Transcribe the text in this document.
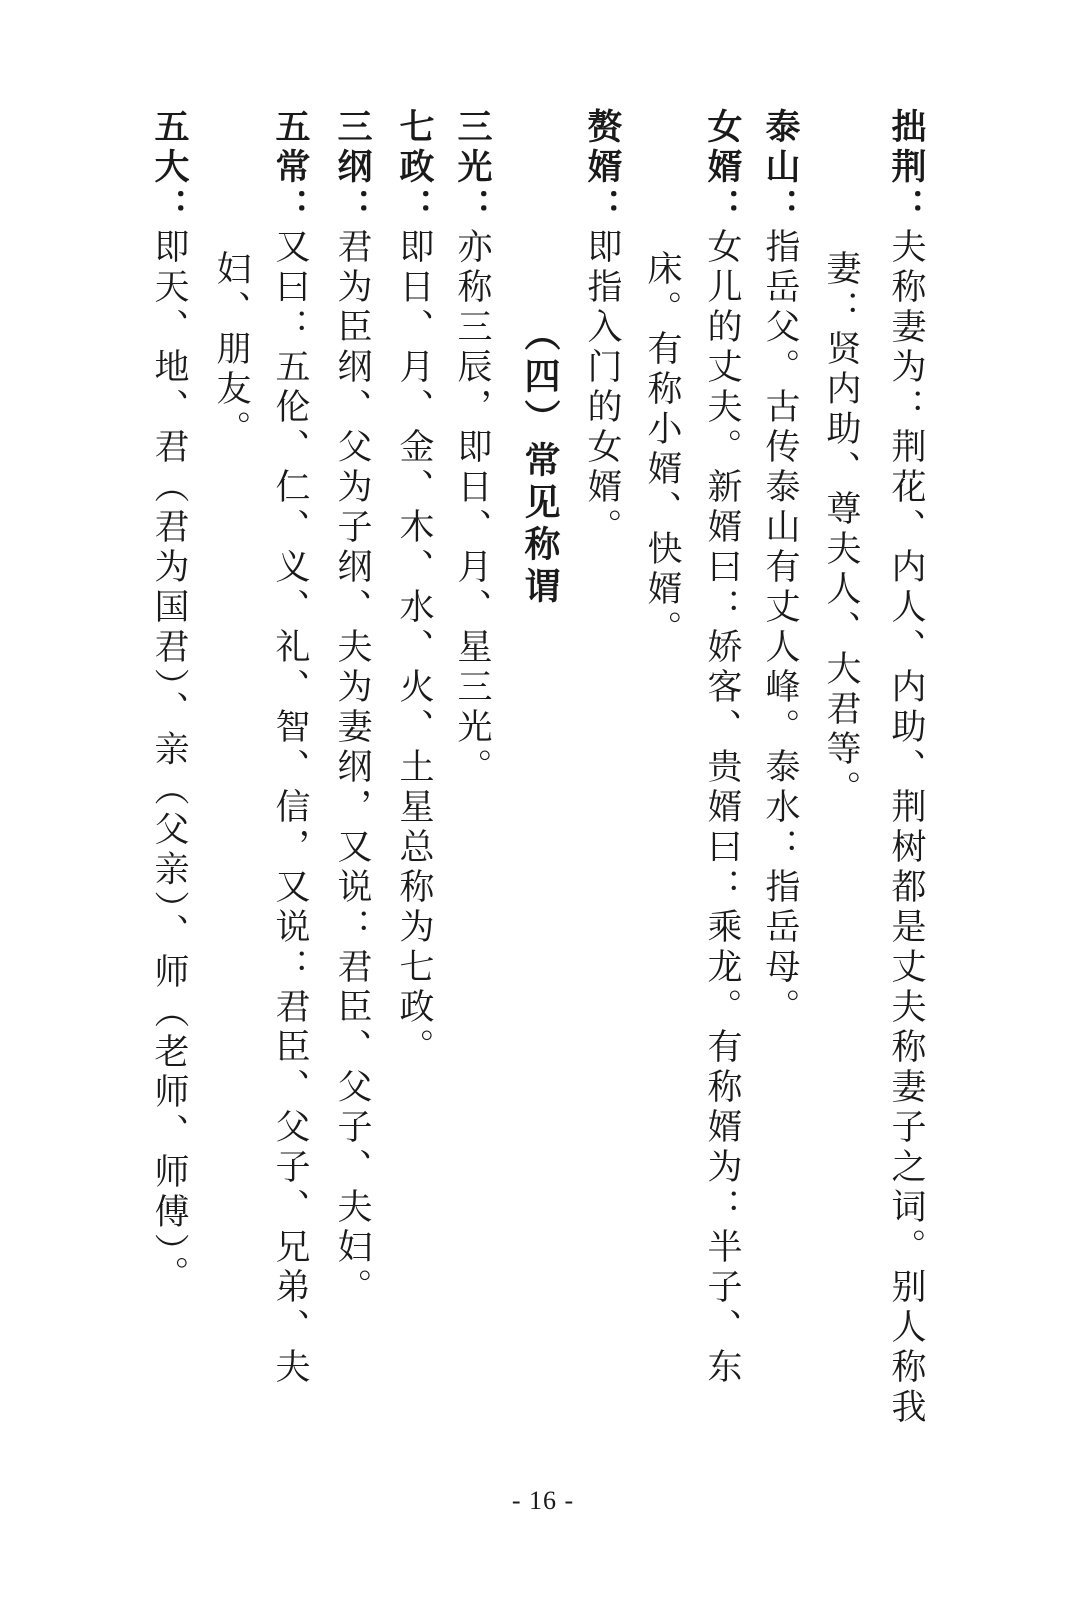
拙荆：夫称妻为：荆花、内人、内助、荆树都是丈夫称妻子之词。别人称我
妻：贤内助、尊夫人、大君等。
泰山：指岳父。古传泰山有丈人峰。泰水：指岳母。
女婿：女儿的丈夫。新婿曰：娇客、贵婿曰：乘龙。有称婿为：半子、东
床。有称小婿、快婿。
赘婿：即指入门的女婿。
（四）常见称谓
三光：亦称三辰，即日、月、星三光。
七政：即日、月、金、木、水、火、土星总称为七政。
三纲：君为臣纲、父为子纲、夫为妻纲，又说：君臣、父子、夫妇。
五常：又曰：五伦、仁、义、礼、智、信，又说：君臣、父子、兄弟、夫
妇、朋友。
五大：即天、地、君（君为国君）、亲（父亲）、师（老师、师傅）。
- 16 -
